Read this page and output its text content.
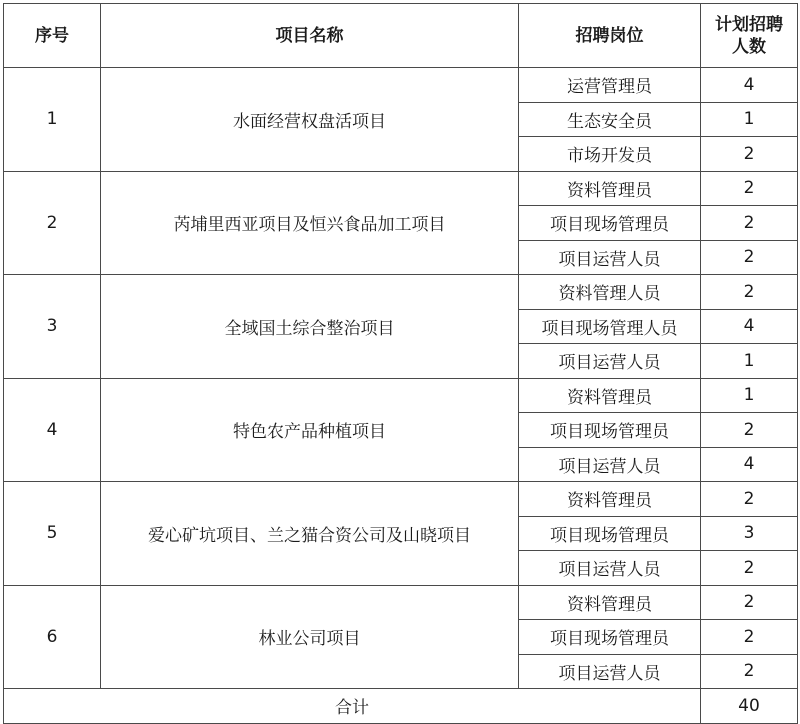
序号	项目名称	招聘岗位	计划招聘
人数
1	水面经营权盘活项目	运营管理员	4
		生态安全员	1
		市场开发员	2
2	芮埔里西亚项目及恒兴食品加工项目	资料管理员	2
		项目现场管理员	2
		项目运营人员	2
3	全域国土综合整治项目	资料管理人员	2
		项目现场管理人员	4
		项目运营人员	1
4	特色农产品种植项目	资料管理员	1
		项目现场管理员	2
		项目运营人员	4
5	爱心矿坑项目、兰之猫合资公司及山晓项目	资料管理员	2
		项目现场管理员	3
		项目运营人员	2
6	林业公司项目	资料管理员	2
		项目现场管理员	2
		项目运营人员	2
合计			40
